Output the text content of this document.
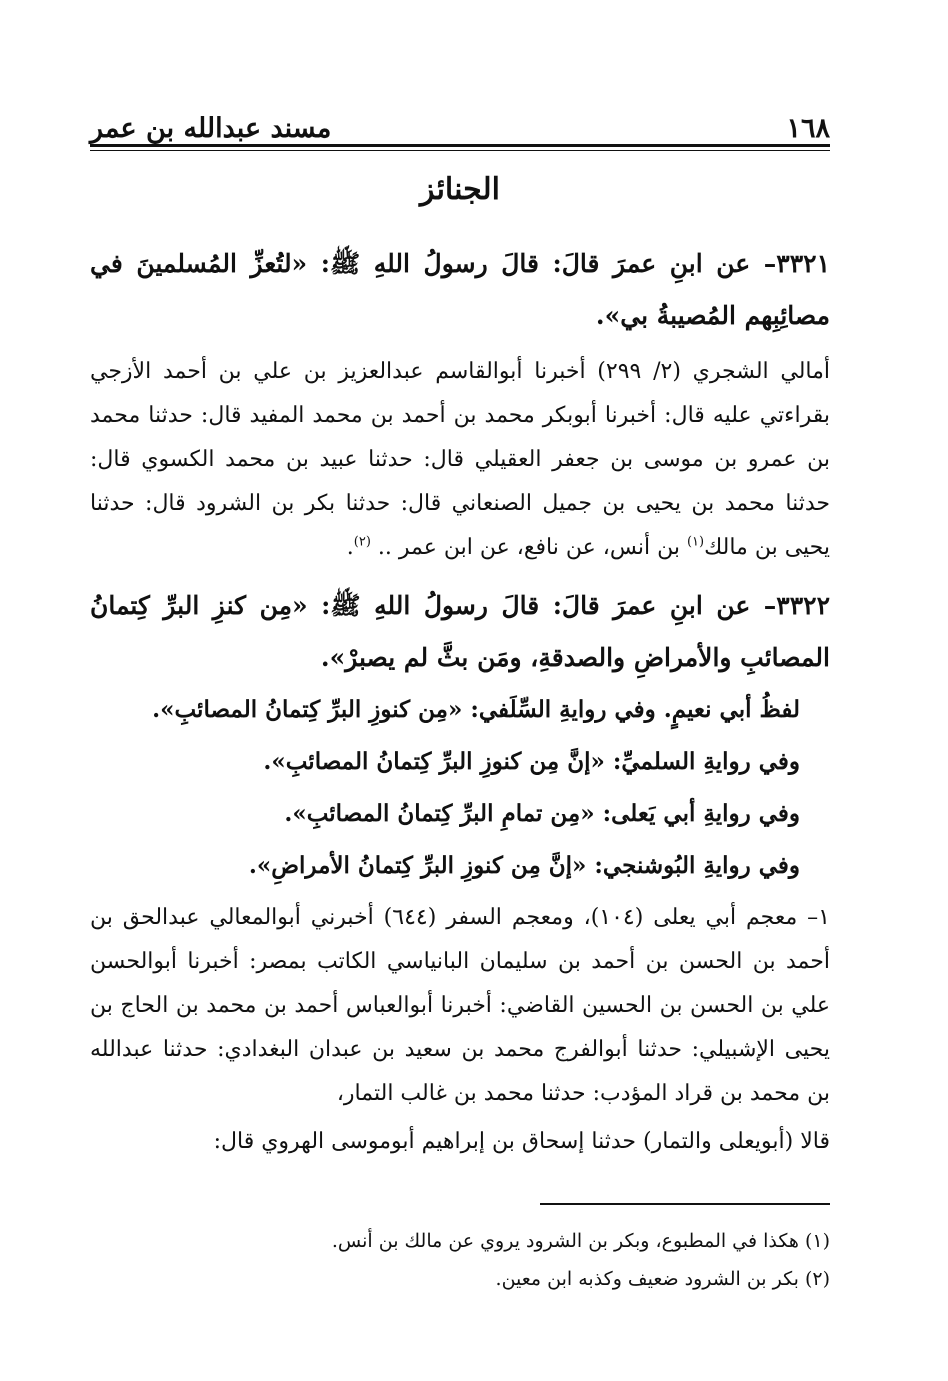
١٦٨
مسند عبدالله بن عمر
الجنائز

٣٣٢١– عن ابنِ عمرَ قالَ: قالَ رسولُ اللهِ ﷺ: «لتُعزِّ المُسلمينَ في مصائِبِهم المُصيبةُ بي».

أمالي الشجري (٢/ ٢٩٩) أخبرنا أبوالقاسم عبدالعزيز بن علي بن أحمد الأزجي بقراءتي عليه قال: أخبرنا أبوبكر محمد بن أحمد بن محمد المفيد قال: حدثنا محمد بن عمرو بن موسى بن جعفر العقيلي قال: حدثنا عبيد بن محمد الكسوي قال: حدثنا محمد بن يحيى بن جميل الصنعاني قال: حدثنا بكر بن الشرود قال: حدثنا يحيى بن مالك$^{(١)}$ بن أنس، عن نافع، عن ابن عمر .. $^{(٢)}$.

٣٣٢٢– عن ابنِ عمرَ قالَ: قالَ رسولُ اللهِ ﷺ: «مِن كنزِ البرِّ كِتمانُ المصائبِ والأمراضِ والصدقةِ، ومَن بثَّ لم يصبرْ».

لفظُ أبي نعيمٍ. وفي روايةِ السِّلَفي: «مِن كنوزِ البرِّ كِتمانُ المصائبِ».

وفي روايةِ السلميِّ: «إنَّ مِن كنوزِ البرِّ كِتمانُ المصائبِ».

وفي روايةِ أبي يَعلى: «مِن تمامِ البرِّ كِتمانُ المصائبِ».

وفي روايةِ البُوشنجي: «إنَّ مِن كنوزِ البرِّ كِتمانُ الأمراضِ».

١– معجم أبي يعلى (١٠٤)، ومعجم السفر (٦٤٤) أخبرني أبوالمعالي عبدالحق بن أحمد بن الحسن بن أحمد بن سليمان البانياسي الكاتب بمصر: أخبرنا أبوالحسن علي بن الحسن بن الحسين القاضي: أخبرنا أبوالعباس أحمد بن محمد بن الحاج بن يحيى الإشبيلي: حدثنا أبوالفرج محمد بن سعيد بن عبدان البغدادي: حدثنا عبدالله بن محمد بن قراد المؤدب: حدثنا محمد بن غالب التمار،

قالا (أبويعلى والتمار) حدثنا إسحاق بن إبراهيم أبوموسى الهروي قال:

(١) هكذا في المطبوع، وبكر بن الشرود يروي عن مالك بن أنس.

(٢) بكر بن الشرود ضعيف وكذبه ابن معين.
